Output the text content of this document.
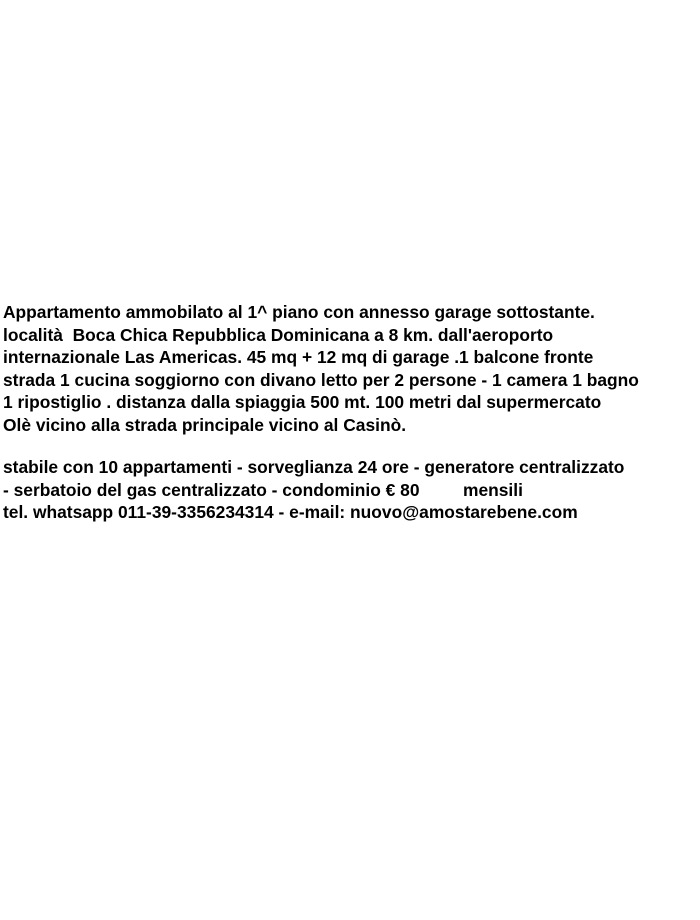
Appartamento ammobilato al 1^ piano con annesso garage sottostante.
località  Boca Chica Repubblica Dominicana a 8 km. dall'aeroporto
internazionale Las Americas. 45 mq + 12 mq di garage .1 balcone fronte
strada 1 cucina soggiorno con divano letto per 2 persone - 1 camera 1 bagno
1 ripostiglio . distanza dalla spiaggia 500 mt. 100 metri dal supermercato
Olè vicino alla strada principale vicino al Casinò.
stabile con 10 appartamenti - sorveglianza 24 ore - generatore centralizzato
- serbatoio del gas centralizzato - condominio € 80         mensili
tel. whatsapp 011-39-3356234314 - e-mail: nuovo@amostarebene.com
